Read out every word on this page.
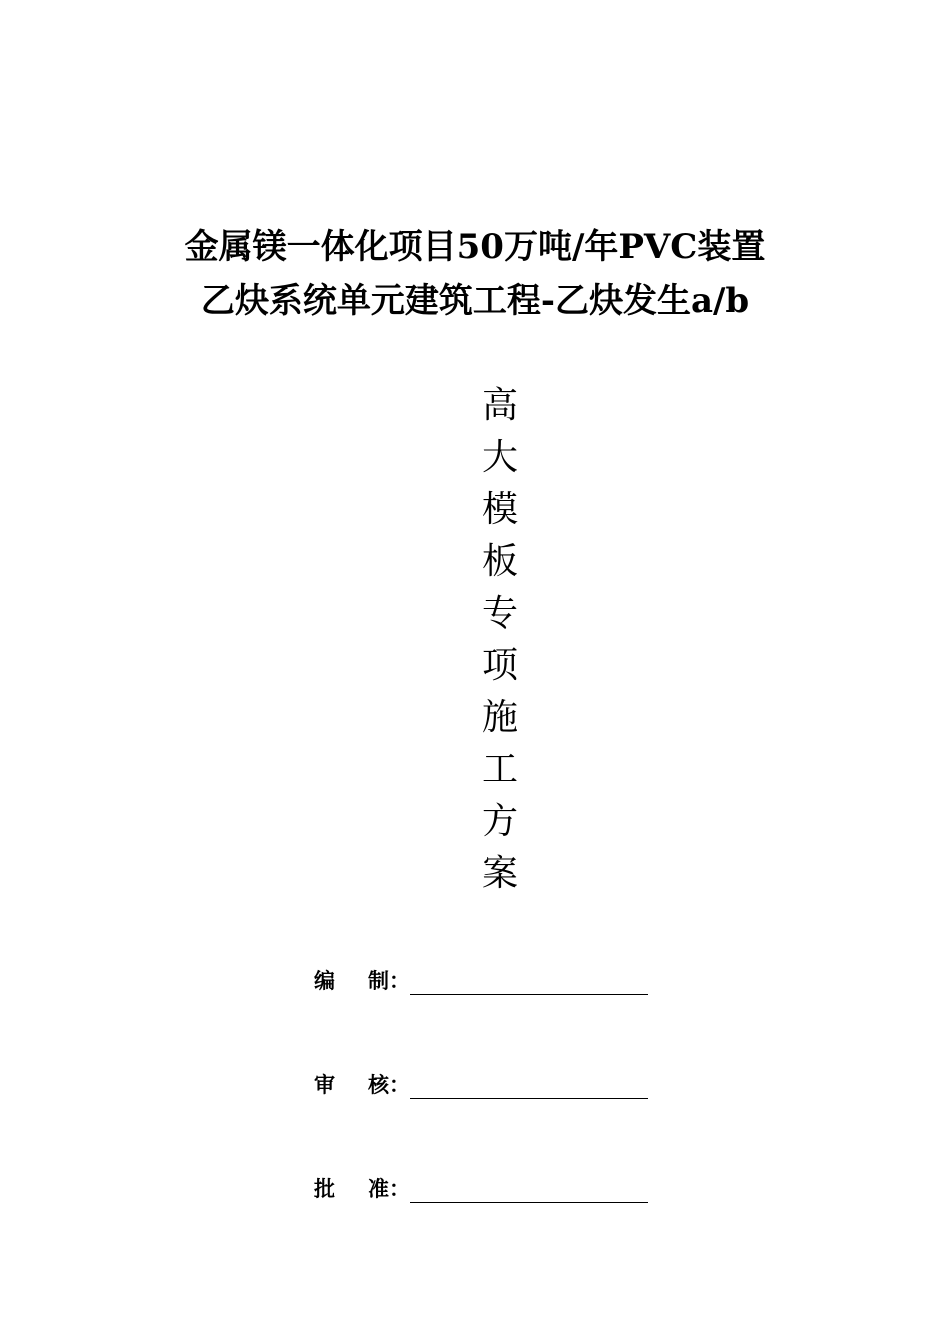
金属镁一体化项目50万吨/年PVC装置
乙炔系统单元建筑工程-乙炔发生a/b
高
大
模
板
专
项
施
工
方
案
编 制 ：
审 核 ：
批 准 ：
